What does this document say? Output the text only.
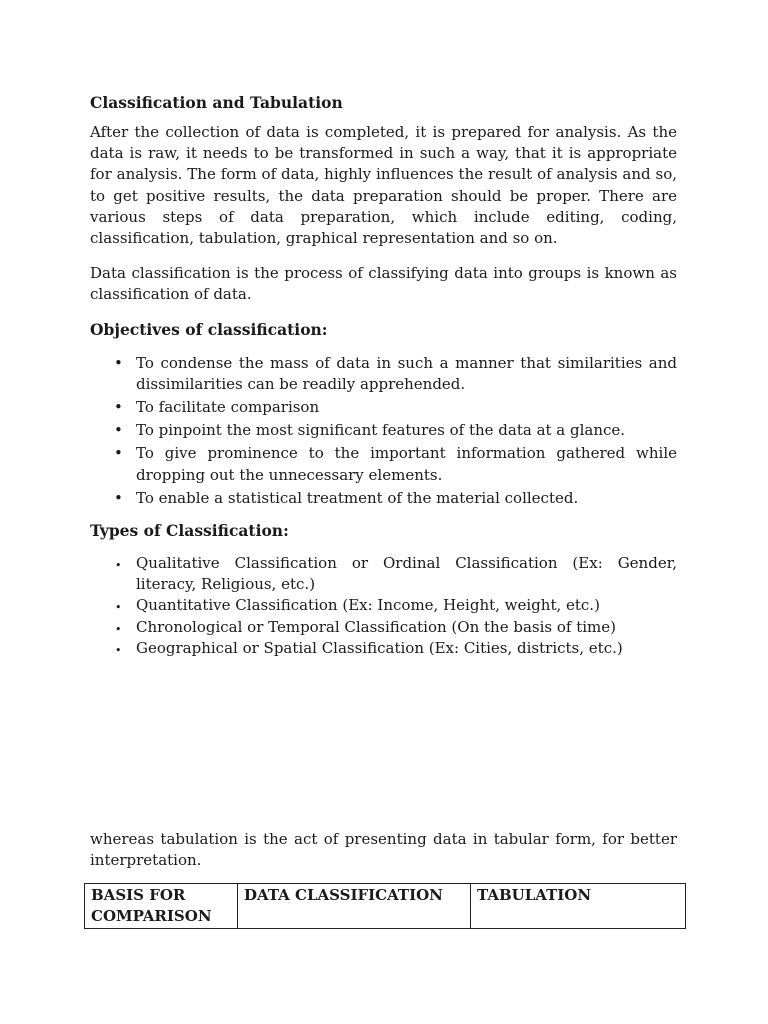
Classification and Tabulation

After the collection of data is completed, it is prepared for analysis. As the data is raw, it needs to be transformed in such a way, that it is appropriate for analysis. The form of data, highly influences the result of analysis and so, to get positive results, the data preparation should be proper. There are various steps of data preparation, which include editing, coding, classification, tabulation, graphical representation and so on.

Data classification is the process of classifying data into groups is known as classification of data.

Objectives of classification:

• To condense the mass of data in such a manner that similarities and dissimilarities can be readily apprehended.
• To facilitate comparison
• To pinpoint the most significant features of the data at a glance.
• To give prominence to the important information gathered while dropping out the unnecessary elements.
• To enable a statistical treatment of the material collected.

Types of Classification:

• Qualitative Classification or Ordinal Classification (Ex: Gender, literacy, Religious, etc.)
• Quantitative Classification (Ex: Income, Height, weight, etc.)
• Chronological or Temporal Classification (On the basis of time)
• Geographical or Spatial Classification (Ex: Cities, districts, etc.)

whereas tabulation is the act of presenting data in tabular form, for better interpretation.

BASIS FOR COMPARISON	DATA CLASSIFICATION	TABULATION
